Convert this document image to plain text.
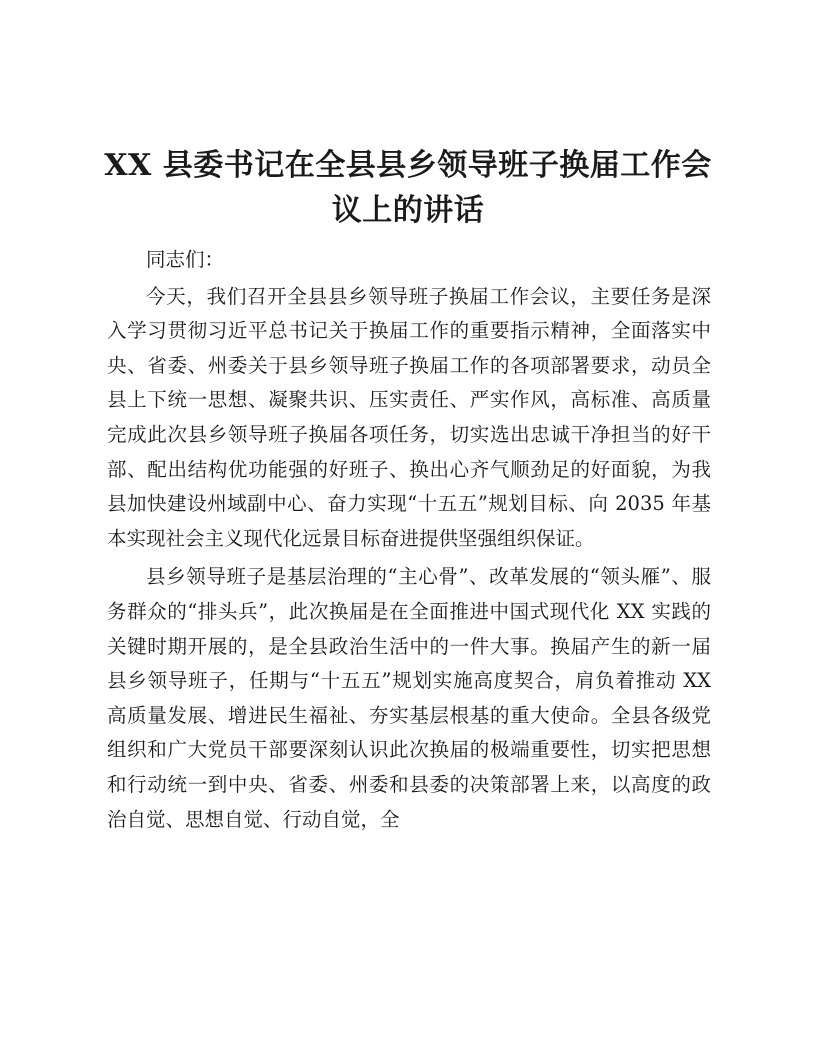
XX 县委书记在全县县乡领导班子换届工作会议上的讲话

同志们：

今天，我们召开全县县乡领导班子换届工作会议，主要任务是深入学习贯彻习近平总书记关于换届工作的重要指示精神，全面落实中央、省委、州委关于县乡领导班子换届工作的各项部署要求，动员全县上下统一思想、凝聚共识、压实责任、严实作风，高标准、高质量完成此次县乡领导班子换届各项任务，切实选出忠诚干净担当的好干部、配出结构优功能强的好班子、换出心齐气顺劲足的好面貌，为我县加快建设州域副中心、奋力实现“十五五”规划目标、向 2035 年基本实现社会主义现代化远景目标奋进提供坚强组织保证。

县乡领导班子是基层治理的“主心骨”、改革发展的“领头雁”、服务群众的“排头兵”，此次换届是在全面推进中国式现代化 XX 实践的关键时期开展的，是全县政治生活中的一件大事。换届产生的新一届县乡领导班子，任期与“十五五”规划实施高度契合，肩负着推动 XX 高质量发展、增进民生福祉、夯实基层根基的重大使命。全县各级党组织和广大党员干部要深刻认识此次换届的极端重要性，切实把思想和行动统一到中央、省委、州委和县委的决策部署上来，以高度的政治自觉、思想自觉、行动自觉，全
